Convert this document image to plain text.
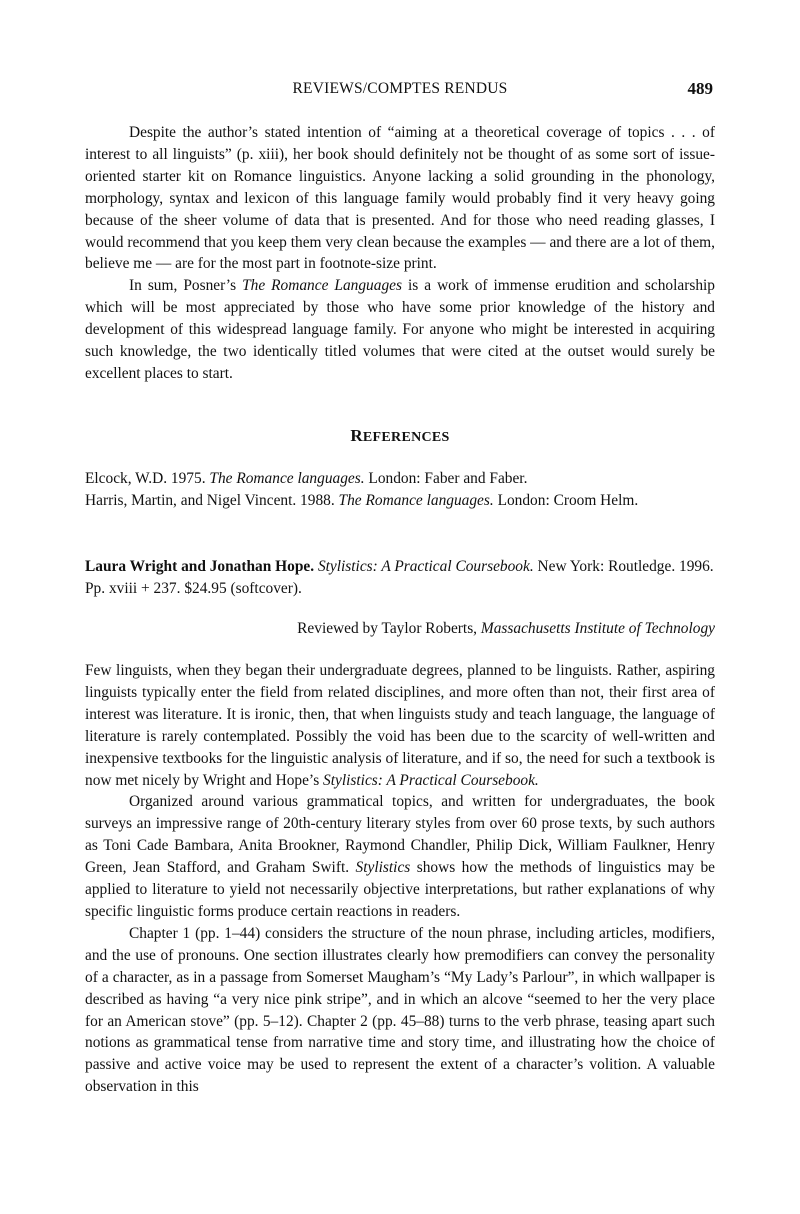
REVIEWS/COMPTES RENDUS	489

Despite the author’s stated intention of “aiming at a theoretical coverage of topics . . . of interest to all linguists” (p. xiii), her book should definitely not be thought of as some sort of issue-oriented starter kit on Romance linguistics. Anyone lacking a solid grounding in the phonology, morphology, syntax and lexicon of this language family would probably find it very heavy going because of the sheer volume of data that is presented. And for those who need reading glasses, I would recommend that you keep them very clean because the examples — and there are a lot of them, believe me — are for the most part in footnote-size print.

In sum, Posner’s The Romance Languages is a work of immense erudition and scholarship which will be most appreciated by those who have some prior knowledge of the history and development of this widespread language family. For anyone who might be interested in acquiring such knowledge, the two identically titled volumes that were cited at the outset would surely be excellent places to start.

REFERENCES

Elcock, W.D. 1975. The Romance languages. London: Faber and Faber.

Harris, Martin, and Nigel Vincent. 1988. The Romance languages. London: Croom Helm.

Laura Wright and Jonathan Hope. Stylistics: A Practical Coursebook. New York: Routledge. 1996. Pp. xviii + 237. $24.95 (softcover).

Reviewed by Taylor Roberts, Massachusetts Institute of Technology

Few linguists, when they began their undergraduate degrees, planned to be linguists. Rather, aspiring linguists typically enter the field from related disciplines, and more often than not, their first area of interest was literature. It is ironic, then, that when linguists study and teach language, the language of literature is rarely contemplated. Possibly the void has been due to the scarcity of well-written and inexpensive textbooks for the linguistic analysis of literature, and if so, the need for such a textbook is now met nicely by Wright and Hope’s Stylistics: A Practical Coursebook.

Organized around various grammatical topics, and written for undergraduates, the book surveys an impressive range of 20th-century literary styles from over 60 prose texts, by such authors as Toni Cade Bambara, Anita Brookner, Raymond Chandler, Philip Dick, William Faulkner, Henry Green, Jean Stafford, and Graham Swift. Stylistics shows how the methods of linguistics may be applied to literature to yield not necessarily objective interpretations, but rather explanations of why specific linguistic forms produce certain reactions in readers.

Chapter 1 (pp. 1–44) considers the structure of the noun phrase, including articles, modifiers, and the use of pronouns. One section illustrates clearly how premodifiers can convey the personality of a character, as in a passage from Somerset Maugham’s “My Lady’s Parlour”, in which wallpaper is described as having “a very nice pink stripe”, and in which an alcove “seemed to her the very place for an American stove” (pp. 5–12). Chapter 2 (pp. 45–88) turns to the verb phrase, teasing apart such notions as grammatical tense from narrative time and story time, and illustrating how the choice of passive and active voice may be used to represent the extent of a character’s volition. A valuable observation in this
